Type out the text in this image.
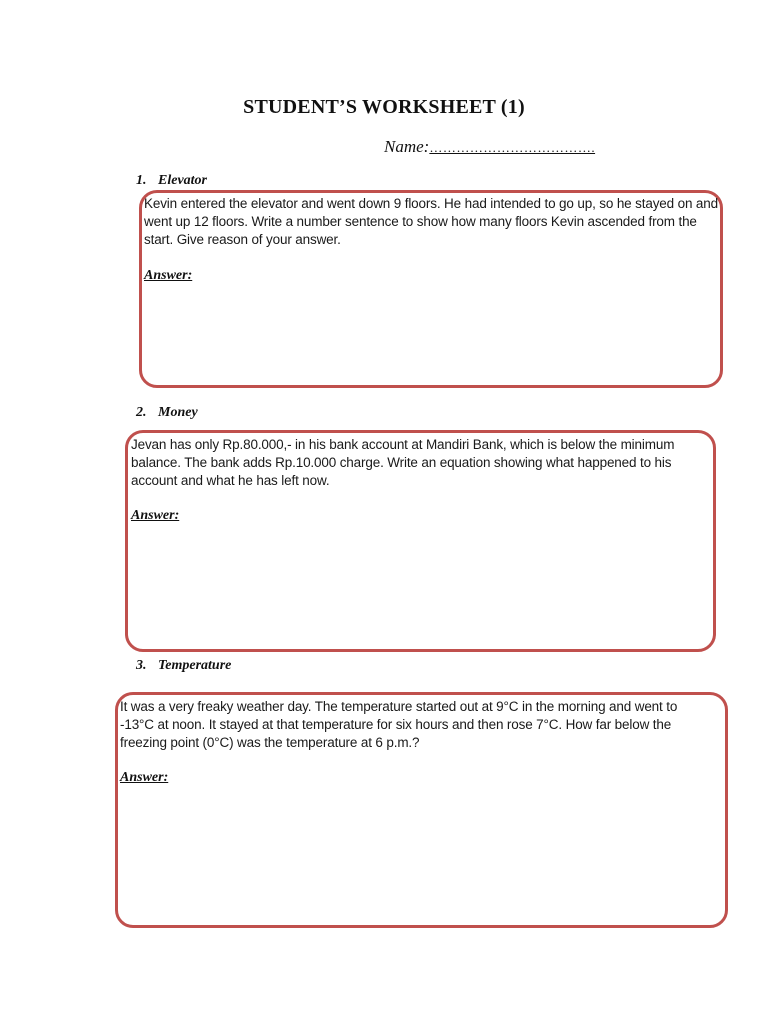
STUDENT’S WORKSHEET (1)
Name:……………………………….
1. Elevator
Kevin entered the elevator and went down 9 floors. He had intended to go up, so he stayed on and went up 12 floors. Write a number sentence to show how many floors Kevin ascended from the start. Give reason of your answer.
Answer:
2. Money
Jevan has only Rp.80.000,- in his bank account at Mandiri Bank, which is below the minimum balance. The bank adds Rp.10.000 charge. Write an equation showing what happened to his account and what he has left now.
Answer:
3. Temperature
It was a very freaky weather day. The temperature started out at 9°C in the morning and went to -13°C at noon. It stayed at that temperature for six hours and then rose 7°C. How far below the freezing point (0°C) was the temperature at 6 p.m.?
Answer:
